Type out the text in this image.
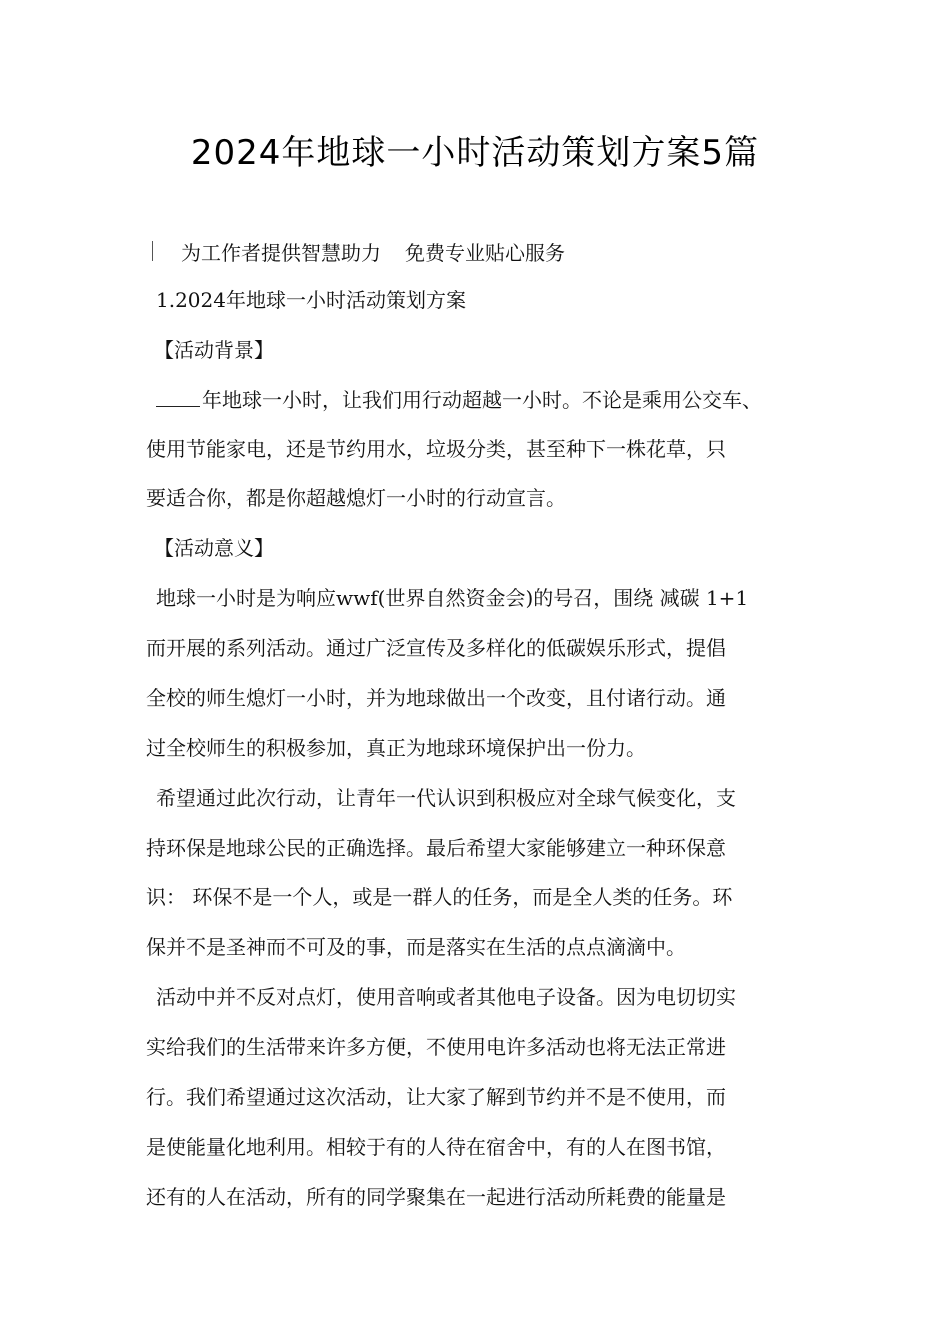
2024年地球一小时活动策划方案5篇
为工作者提供智慧助力 免费专业贴心服务
1.2024年地球一小时活动策划方案
【活动背景】
年地球一小时，让我们用行动超越一小时。不论是乘用公交车、
使用节能家电，还是节约用水，垃圾分类，甚至种下一株花草，只
要适合你，都是你超越熄灯一小时的行动宣言。
【活动意义】
地球一小时是为响应wwf(世界自然资金会)的号召，围绕 减碳 1+1
而开展的系列活动。通过广泛宣传及多样化的低碳娱乐形式，提倡
全校的师生熄灯一小时，并为地球做出一个改变，且付诸行动。通
过全校师生的积极参加，真正为地球环境保护出一份力。
希望通过此次行动，让青年一代认识到积极应对全球气候变化，支
持环保是地球公民的正确选择。最后希望大家能够建立一种环保意
识： 环保不是一个人，或是一群人的任务，而是全人类的任务。环
保并不是圣神而不可及的事，而是落实在生活的点点滴滴中。
活动中并不反对点灯，使用音响或者其他电子设备。因为电切切实
实给我们的生活带来许多方便，不使用电许多活动也将无法正常进
行。我们希望通过这次活动，让大家了解到节约并不是不使用，而
是使能量化地利用。相较于有的人待在宿舍中，有的人在图书馆，
还有的人在活动，所有的同学聚集在一起进行活动所耗费的能量是
